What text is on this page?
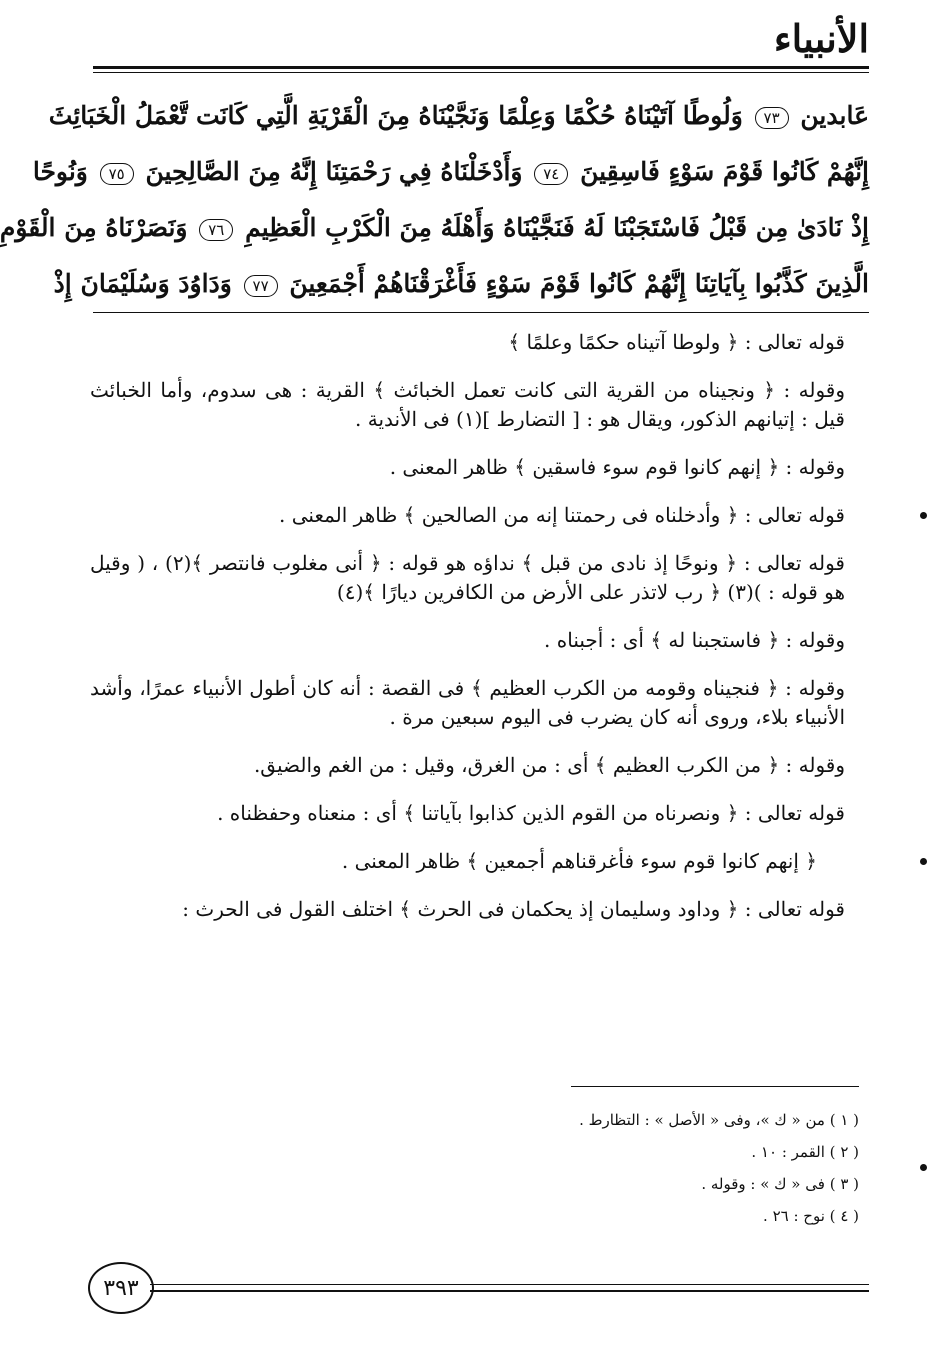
الأنبياء
عَابدين ٧٣ وَلُوطًا آتَيْنَاهُ حُكْمًا وَعِلْمًا وَنَجَّيْنَاهُ مِنَ الْقَرْيَةِ الَّتِي كَانَت تَّعْمَلُ الْخَبَائِثَ
إِنَّهُمْ كَانُوا قَوْمَ سَوْءٍ فَاسِقِينَ ٧٤ وَأَدْخَلْنَاهُ فِي رَحْمَتِنَا إِنَّهُ مِنَ الصَّالِحِينَ ٧٥ وَنُوحًا
إِذْ نَادَىٰ مِن قَبْلُ فَاسْتَجَبْنَا لَهُ فَنَجَّيْنَاهُ وَأَهْلَهُ مِنَ الْكَرْبِ الْعَظِيمِ ٧٦ وَنَصَرْنَاهُ مِنَ الْقَوْمِ
الَّذِينَ كَذَّبُوا بِآيَاتِنَا إِنَّهُمْ كَانُوا قَوْمَ سَوْءٍ فَأَغْرَقْنَاهُمْ أَجْمَعِينَ ٧٧ وَدَاوُدَ وَسُلَيْمَانَ إِذْ

قوله تعالى : ﴿ ولوطا آتيناه حكمًا وعلمًا ﴾

وقوله : ﴿ ونجيناه من القرية التى كانت تعمل الخبائث ﴾ القرية : هى سدوم، وأما الخبائث قيل : إتيانهم الذكور، ويقال هو : [ التضارط ](١) فى الأندية .

وقوله : ﴿ إنهم كانوا قوم سوء فاسقين ﴾ ظاهر المعنى .

قوله تعالى : ﴿ وأدخلناه فى رحمتنا إنه من الصالحين ﴾ ظاهر المعنى .

قوله تعالى : ﴿ ونوحًا إذ نادى من قبل ﴾ نداؤه هو قوله : ﴿ أنى مغلوب فانتصر ﴾(٢) ، ( وقيل هو قوله : )(٣) ﴿ رب لاتذر على الأرض من الكافرين ديارًا ﴾(٤)

وقوله : ﴿ فاستجبنا له ﴾ أى : أجبناه .

وقوله : ﴿ فنجيناه وقومه من الكرب العظيم ﴾ فى القصة : أنه كان أطول الأنبياء عمرًا، وأشد الأنبياء بلاء، وروى أنه كان يضرب فى اليوم سبعين مرة .

وقوله : ﴿ من الكرب العظيم ﴾ أى : من الغرق، وقيل : من الغم والضيق.

قوله تعالى : ﴿ ونصرناه من القوم الذين كذابوا بآياتنا ﴾ أى : منعناه وحفظناه .

﴿ إنهم كانوا قوم سوء فأغرقناهم أجمعين ﴾ ظاهر المعنى .

قوله تعالى : ﴿ وداود وسليمان إذ يحكمان فى الحرث ﴾ اختلف القول فى الحرث :

( ١ ) من « ك »، وفى « الأصل » : التظارط .
( ٢ ) القمر : ١٠ .
( ٣ ) فى « ك » : وقوله .
( ٤ ) نوح : ٢٦ .
٣٩٣
